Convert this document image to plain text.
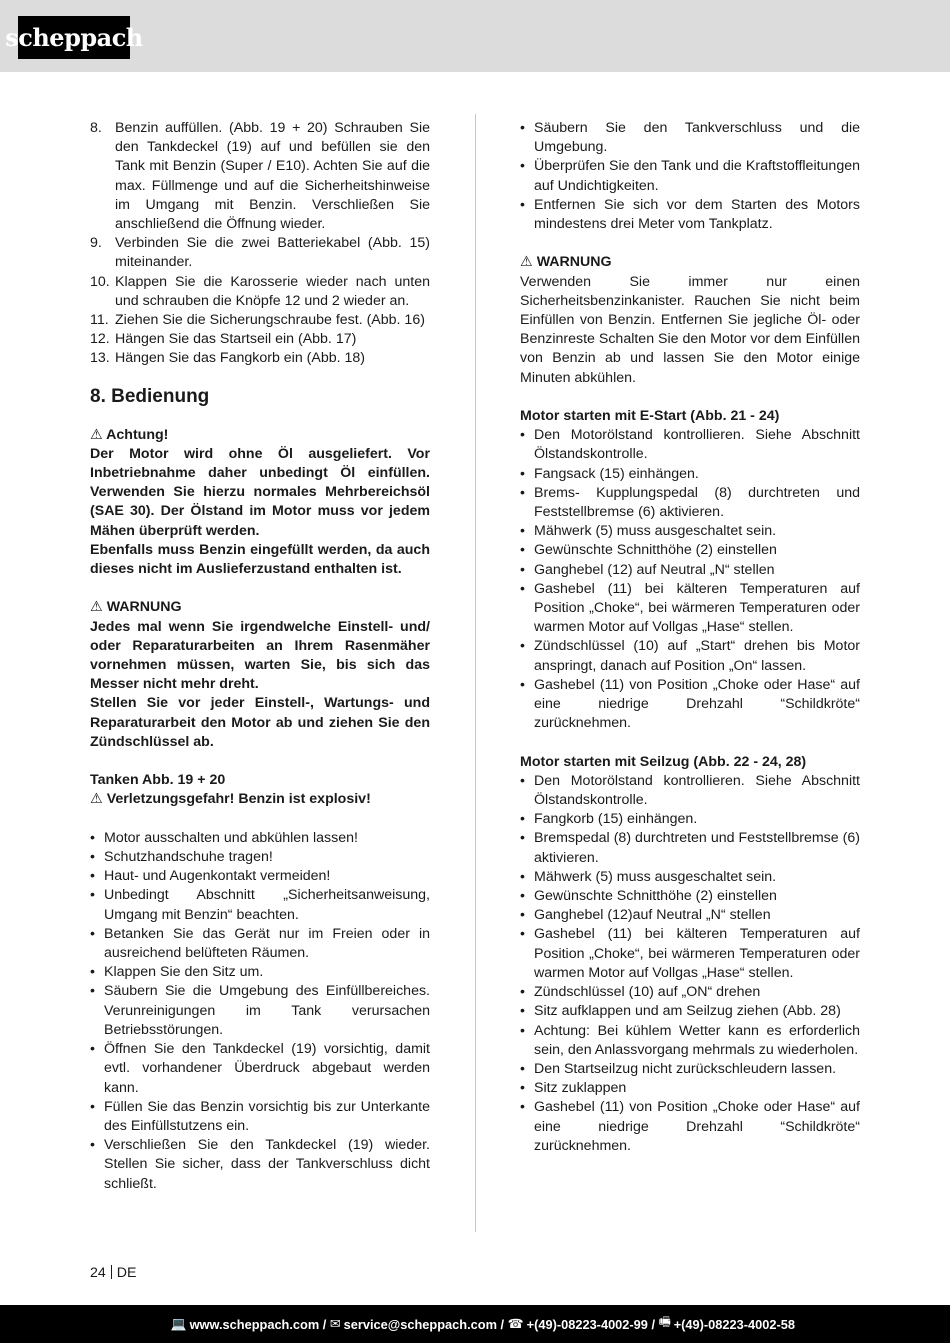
scheppach
8. Benzin auffüllen. (Abb. 19 + 20) Schrauben Sie den Tankdeckel (19) auf und befüllen sie den Tank mit Benzin (Super / E10). Achten Sie auf die max. Füllmenge und auf die Sicherheitshinweise im Umgang mit Benzin. Verschließen Sie anschließend die Öffnung wieder.
9. Verbinden Sie die zwei Batteriekabel (Abb. 15) miteinander.
10. Klappen Sie die Karosserie wieder nach unten und schrauben die Knöpfe 12 und 2 wieder an.
11. Ziehen Sie die Sicherungschraube fest. (Abb. 16)
12. Hängen Sie das Startseil ein (Abb. 17)
13. Hängen Sie das Fangkorb ein (Abb. 18)
8. Bedienung

⚠ Achtung!

Der Motor wird ohne Öl ausgeliefert. Vor Inbetriebnahme daher unbedingt Öl einfüllen. Verwenden Sie hierzu normales Mehrbereichsöl (SAE 30). Der Ölstand im Motor muss vor jedem Mähen überprüft werden.

Ebenfalls muss Benzin eingefüllt werden, da auch dieses nicht im Auslieferzustand enthalten ist.

⚠ WARNUNG

Jedes mal wenn Sie irgendwelche Einstell- und/ oder Reparaturarbeiten an Ihrem Rasenmäher vornehmen müssen, warten Sie, bis sich das Messer nicht mehr dreht.

Stellen Sie vor jeder Einstell-, Wartungs- und Reparaturarbeit den Motor ab und ziehen Sie den Zündschlüssel ab.

Tanken Abb. 19 + 20

⚠ Verletzungsgefahr! Benzin ist explosiv!

• Motor ausschalten und abkühlen lassen!
• Schutzhandschuhe tragen!
• Haut- und Augenkontakt vermeiden!
• Unbedingt Abschnitt „Sicherheitsanweisung, Umgang mit Benzin“ beachten.
• Betanken Sie das Gerät nur im Freien oder in ausreichend belüfteten Räumen.
• Klappen Sie den Sitz um.
• Säubern Sie die Umgebung des Einfüllbereiches. Verunreinigungen im Tank verursachen Betriebsstörungen.
• Öffnen Sie den Tankdeckel (19) vorsichtig, damit evtl. vorhandener Überdruck abgebaut werden kann.
• Füllen Sie das Benzin vorsichtig bis zur Unterkante des Einfüllstutzens ein.
• Verschließen Sie den Tankdeckel (19) wieder. Stellen Sie sicher, dass der Tankverschluss dicht schließt.
• Säubern Sie den Tankverschluss und die Umgebung.
• Überprüfen Sie den Tank und die Kraftstoffleitungen auf Undichtigkeiten.
• Entfernen Sie sich vor dem Starten des Motors mindestens drei Meter vom Tankplatz.

⚠ WARNUNG

Verwenden Sie immer nur einen Sicherheitsbenzinkanister. Rauchen Sie nicht beim Einfüllen von Benzin. Entfernen Sie jegliche Öl- oder Benzinreste Schalten Sie den Motor vor dem Einfüllen von Benzin ab und lassen Sie den Motor einige Minuten abkühlen.

Motor starten mit E-Start (Abb. 21 - 24)

• Den Motorölstand kontrollieren. Siehe Abschnitt Ölstandskontrolle.
• Fangsack (15) einhängen.
• Brems- Kupplungspedal (8) durchtreten und Feststellbremse (6) aktivieren.
• Mähwerk (5) muss ausgeschaltet sein.
• Gewünschte Schnitthöhe (2) einstellen
• Ganghebel (12) auf Neutral „N“ stellen
• Gashebel (11) bei kälteren Temperaturen auf Position „Choke“, bei wärmeren Temperaturen oder warmen Motor auf Vollgas „Hase“ stellen.
• Zündschlüssel (10) auf „Start“ drehen bis Motor anspringt, danach auf Position „On“ lassen.
• Gashebel (11) von Position „Choke oder Hase“ auf eine niedrige Drehzahl “Schildkröte“ zurücknehmen.

Motor starten mit Seilzug (Abb. 22 - 24, 28)

• Den Motorölstand kontrollieren. Siehe Abschnitt Ölstandskontrolle.
• Fangkorb (15) einhängen.
• Bremspedal (8) durchtreten und Feststellbremse (6) aktivieren.
• Mähwerk (5) muss ausgeschaltet sein.
• Gewünschte Schnitthöhe (2) einstellen
• Ganghebel (12)auf Neutral „N“ stellen
• Gashebel (11) bei kälteren Temperaturen auf Position „Choke“, bei wärmeren Temperaturen oder warmen Motor auf Vollgas „Hase“ stellen.
• Zündschlüssel (10) auf „ON“ drehen
• Sitz aufklappen und am Seilzug ziehen (Abb. 28)
• Achtung: Bei kühlem Wetter kann es erforderlich sein, den Anlassvorgang mehrmals zu wiederholen.
• Den Startseilzug nicht zurückschleudern lassen.
• Sitz zuklappen
• Gashebel (11) von Position „Choke oder Hase“ auf eine niedrige Drehzahl “Schildkröte“ zurücknehmen.
24 DE
💻 www.scheppach.com /
✉ service@scheppach.com /
☎ +(49)-08223-4002-99 /
🖷 +(49)-08223-4002-58
